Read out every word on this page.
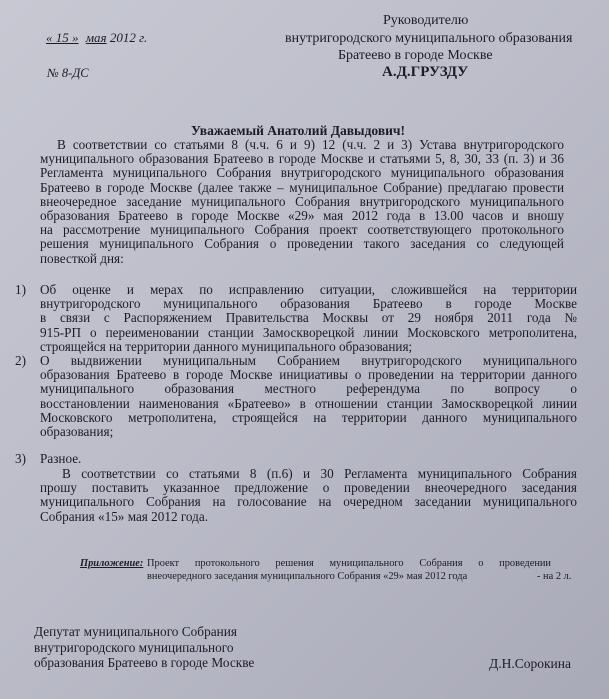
« 15 » мая 2012 г.
№ 8-ДС
Руководителю
внутригородского муниципального образования
Братеево в городе Москве
А.Д.ГРУЗДУ
Уважаемый Анатолий Давыдович!
В соответствии со статьями 8 (ч.ч. 6 и 9) 12 (ч.ч. 2 и 3) Устава внутригородского
муниципального образования Братеево в городе Москве и статьями 5, 8, 30, 33 (п. 3) и 36
Регламента муниципального Собрания внутригородского муниципального образования
Братеево в городе Москве (далее также – муниципальное Собрание) предлагаю провести
внеочередное заседание муниципального Собрания внутригородского муниципального
образования Братеево в городе Москве «29» мая 2012 года в 13.00 часов и вношу
на рассмотрение муниципального Собрания проект соответствующего протокольного
решения муниципального Собрания о проведении такого заседания со следующей
повесткой дня:
1) Об оценке и мерах по исправлению ситуации, сложившейся на территории
внутригородского муниципального образования Братеево в городе Москве
в связи с Распоряжением Правительства Москвы от 29 ноября 2011 года №
915-РП о переименовании станции Замоскворецкой линии Московского метрополитена,
строящейся на территории данного муниципального образования;
2) О выдвижении муниципальным Собранием внутригородского муниципального
образования Братеево в городе Москве инициативы о проведении на территории данного
муниципального образования местного референдума по вопросу о
восстановлении наименования «Братеево» в отношении станции Замоскворецкой линии
Московского метрополитена, строящейся на территории данного муниципального
образования;
3) Разное.
В соответствии со статьями 8 (п.6) и 30 Регламента муниципального Собрания
прошу поставить указанное предложение о проведении внеочередного заседания
муниципального Собрания на голосование на очередном заседании муниципального
Собрания «15» мая 2012 года.
Приложение: Проект протокольного решения муниципального Собрания о проведении
внеочередного заседания муниципального Собрания «29» мая 2012 года	- на 2 л.
Депутат муниципального Собрания
внутригородского муниципального
образования Братеево в городе Москве	Д.Н.Сорокина
